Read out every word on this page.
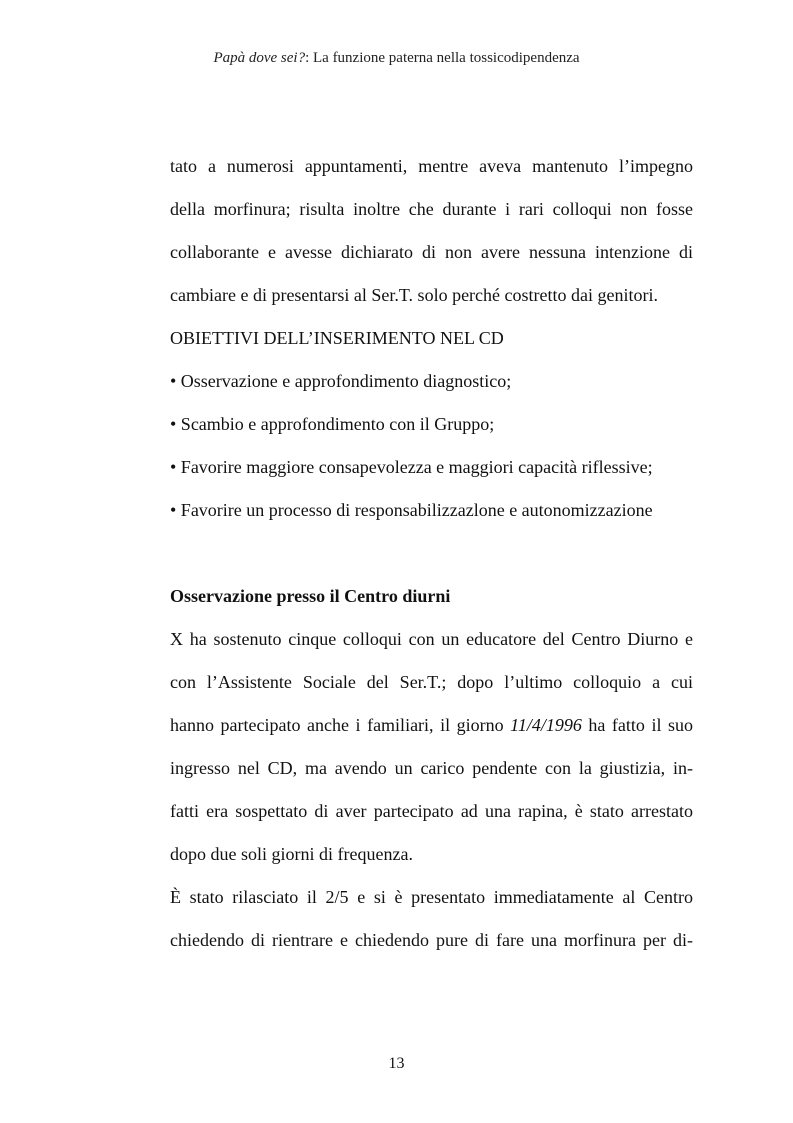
Papà dove sei?: La funzione paterna nella tossicodipendenza
tato a numerosi appuntamenti, mentre aveva mantenuto l’impegno
della morfinura; risulta inoltre che durante i rari colloqui non fosse
collaborante e avesse dichiarato di non avere nessuna intenzione di
cambiare e di presentarsi al Ser.T. solo perché costretto dai genitori.
OBIETTIVI DELL’INSERIMENTO NEL CD
• Osservazione e approfondimento diagnostico;
• Scambio e approfondimento con il Gruppo;
• Favorire maggiore consapevolezza e maggiori capacità riflessive;
• Favorire un processo di responsabilizzazlone e autonomizzazione
Osservazione presso il Centro diurni
X ha sostenuto cinque colloqui con un educatore del Centro Diurno e
con l’Assistente Sociale del Ser.T.; dopo l’ultimo colloquio a cui
hanno partecipato anche i familiari, il giorno 11/4/1996 ha fatto il suo
ingresso nel CD, ma avendo un carico pendente con la giustizia, in-
fatti era sospettato di aver partecipato ad una rapina, è stato arrestato
dopo due soli giorni di frequenza.
È stato rilasciato il 2/5 e si è presentato immediatamente al Centro
chiedendo di rientrare e chiedendo pure di fare una morfinura per di-
13
